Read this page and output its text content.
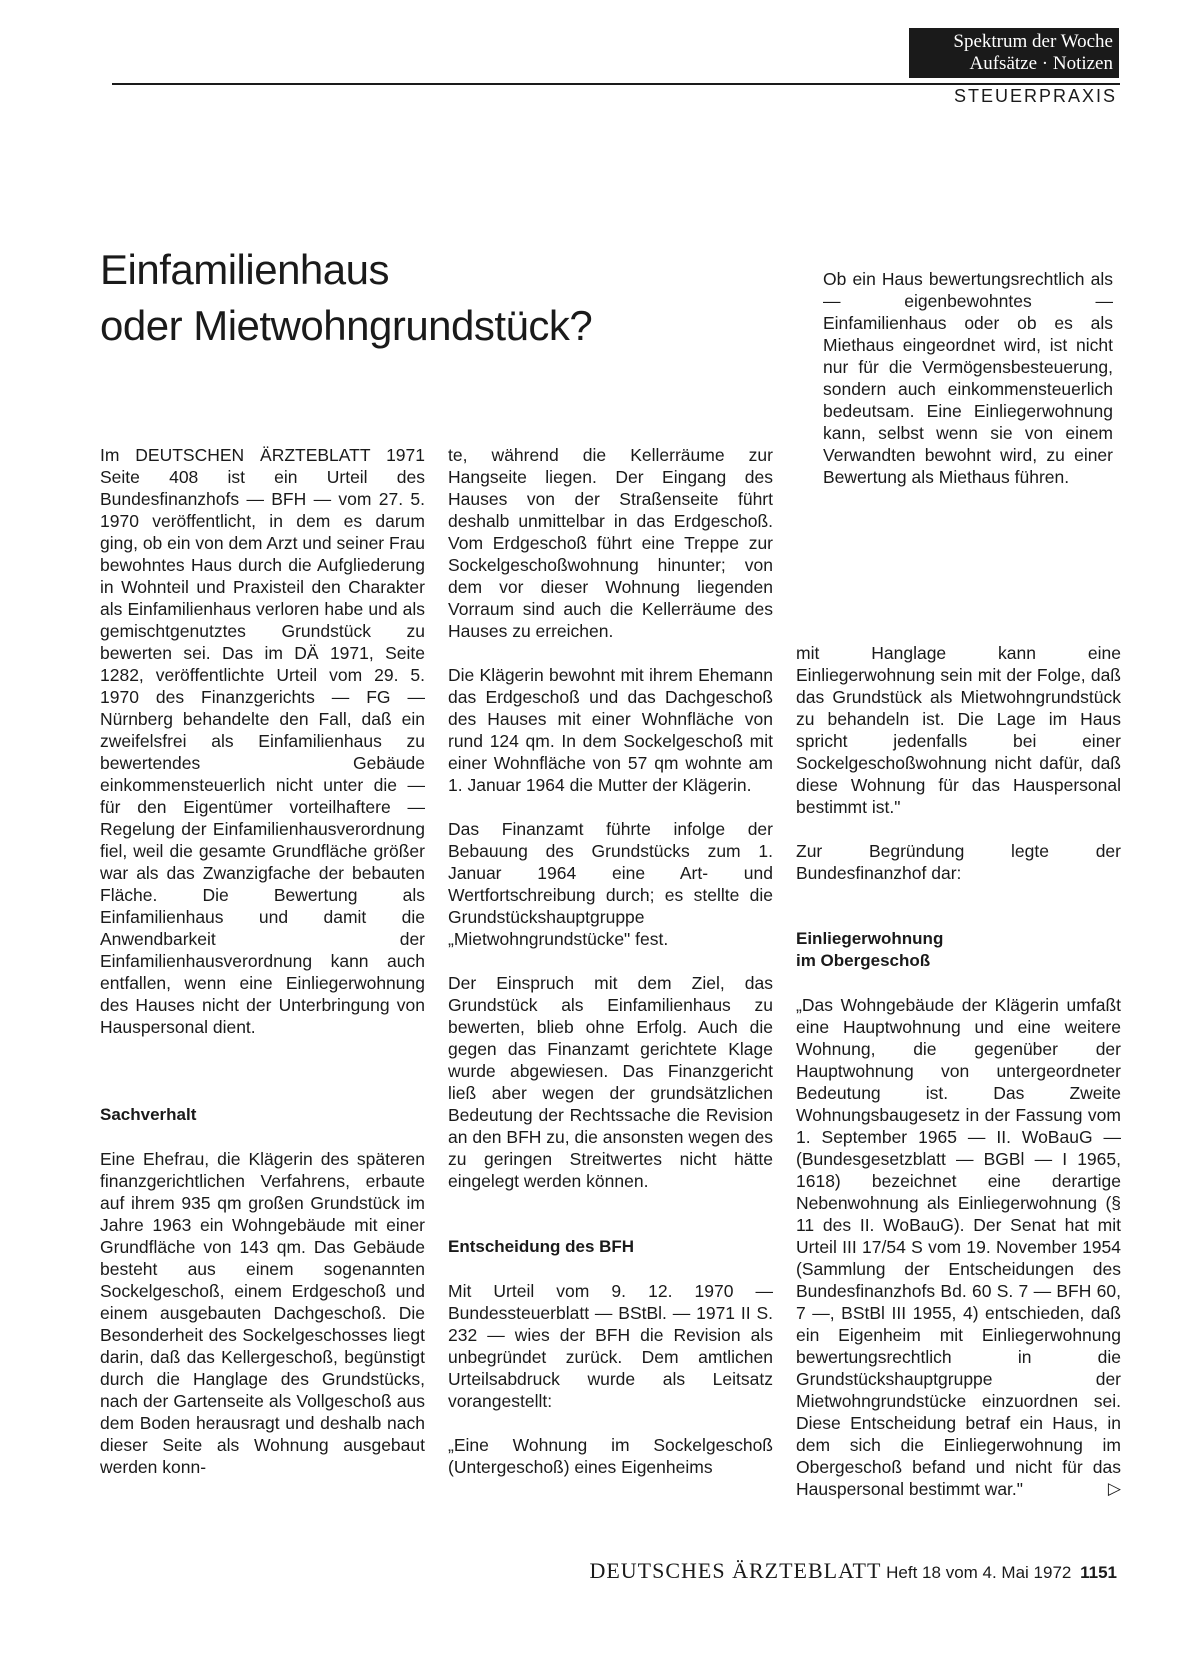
Spektrum der Woche
Aufsätze · Notizen
STEUERPRAXIS
Einfamilienhaus
oder Mietwohngrundstück?

Ob ein Haus bewertungsrechtlich als — eigenbewohntes — Einfamilienhaus oder ob es als Miethaus eingeordnet wird, ist nicht nur für die Vermögensbesteuerung, sondern auch einkommensteuerlich bedeutsam. Eine Einliegerwohnung kann, selbst wenn sie von einem Verwandten bewohnt wird, zu einer Bewertung als Miethaus führen.

Im DEUTSCHEN ÄRZTEBLATT 1971 Seite 408 ist ein Urteil des Bundesfinanzhofs — BFH — vom 27. 5. 1970 veröffentlicht, in dem es darum ging, ob ein von dem Arzt und seiner Frau bewohntes Haus durch die Aufgliederung in Wohnteil und Praxisteil den Charakter als Einfamilienhaus verloren habe und als gemischtgenutztes Grundstück zu bewerten sei. Das im DÄ 1971, Seite 1282, veröffentlichte Urteil vom 29. 5. 1970 des Finanzgerichts — FG — Nürnberg behandelte den Fall, daß ein zweifelsfrei als Einfamilienhaus zu bewertendes Gebäude einkommensteuerlich nicht unter die — für den Eigentümer vorteilhaftere — Regelung der Einfamilienhausverordnung fiel, weil die gesamte Grundfläche größer war als das Zwanzigfache der bebauten Fläche. Die Bewertung als Einfamilienhaus und damit die Anwendbarkeit der Einfamilienhausverordnung kann auch entfallen, wenn eine Einliegerwohnung des Hauses nicht der Unterbringung von Hauspersonal dient.

Sachverhalt

Eine Ehefrau, die Klägerin des späteren finanzgerichtlichen Verfahrens, erbaute auf ihrem 935 qm großen Grundstück im Jahre 1963 ein Wohngebäude mit einer Grundfläche von 143 qm. Das Gebäude besteht aus einem sogenannten Sockelgeschoß, einem Erdgeschoß und einem ausgebauten Dachgeschoß. Die Besonderheit des Sockelgeschosses liegt darin, daß das Kellergeschoß, begünstigt durch die Hanglage des Grundstücks, nach der Gartenseite als Vollgeschoß aus dem Boden herausragt und deshalb nach dieser Seite als Wohnung ausgebaut werden konn-

te, während die Kellerräume zur Hangseite liegen. Der Eingang des Hauses von der Straßenseite führt deshalb unmittelbar in das Erdgeschoß. Vom Erdgeschoß führt eine Treppe zur Sockelgeschoßwohnung hinunter; von dem vor dieser Wohnung liegenden Vorraum sind auch die Kellerräume des Hauses zu erreichen.

Die Klägerin bewohnt mit ihrem Ehemann das Erdgeschoß und das Dachgeschoß des Hauses mit einer Wohnfläche von rund 124 qm. In dem Sockelgeschoß mit einer Wohnfläche von 57 qm wohnte am 1. Januar 1964 die Mutter der Klägerin.

Das Finanzamt führte infolge der Bebauung des Grundstücks zum 1. Januar 1964 eine Art- und Wertfortschreibung durch; es stellte die Grundstückshauptgruppe „Mietwohngrundstücke" fest.

Der Einspruch mit dem Ziel, das Grundstück als Einfamilienhaus zu bewerten, blieb ohne Erfolg. Auch die gegen das Finanzamt gerichtete Klage wurde abgewiesen. Das Finanzgericht ließ aber wegen der grundsätzlichen Bedeutung der Rechtssache die Revision an den BFH zu, die ansonsten wegen des zu geringen Streitwertes nicht hätte eingelegt werden können.

Entscheidung des BFH

Mit Urteil vom 9. 12. 1970 — Bundessteuerblatt — BStBl. — 1971 II S. 232 — wies der BFH die Revision als unbegründet zurück. Dem amtlichen Urteilsabdruck wurde als Leitsatz vorangestellt:

„Eine Wohnung im Sockelgeschoß (Untergeschoß) eines Eigenheims

mit Hanglage kann eine Einliegerwohnung sein mit der Folge, daß das Grundstück als Mietwohngrundstück zu behandeln ist. Die Lage im Haus spricht jedenfalls bei einer Sockelgeschoßwohnung nicht dafür, daß diese Wohnung für das Hauspersonal bestimmt ist."

Zur Begründung legte der Bundesfinanzhof dar:

Einliegerwohnung
im Obergeschoß

„Das Wohngebäude der Klägerin umfaßt eine Hauptwohnung und eine weitere Wohnung, die gegenüber der Hauptwohnung von untergeordneter Bedeutung ist. Das Zweite Wohnungsbaugesetz in der Fassung vom 1. September 1965 — II. WoBauG — (Bundesgesetzblatt — BGBl — I 1965, 1618) bezeichnet eine derartige Nebenwohnung als Einliegerwohnung (§ 11 des II. WoBauG). Der Senat hat mit Urteil III 17/54 S vom 19. November 1954 (Sammlung der Entscheidungen des Bundesfinanzhofs Bd. 60 S. 7 — BFH 60, 7 —, BStBl III 1955, 4) entschieden, daß ein Eigenheim mit Einliegerwohnung bewertungsrechtlich in die Grundstückshauptgruppe der Mietwohngrundstücke einzuordnen sei. Diese Entscheidung betraf ein Haus, in dem sich die Einliegerwohnung im Obergeschoß befand und nicht für das Hauspersonal bestimmt war."	▷

DEUTSCHES ÄRZTEBLATT Heft 18 vom 4. Mai 1972 1151
